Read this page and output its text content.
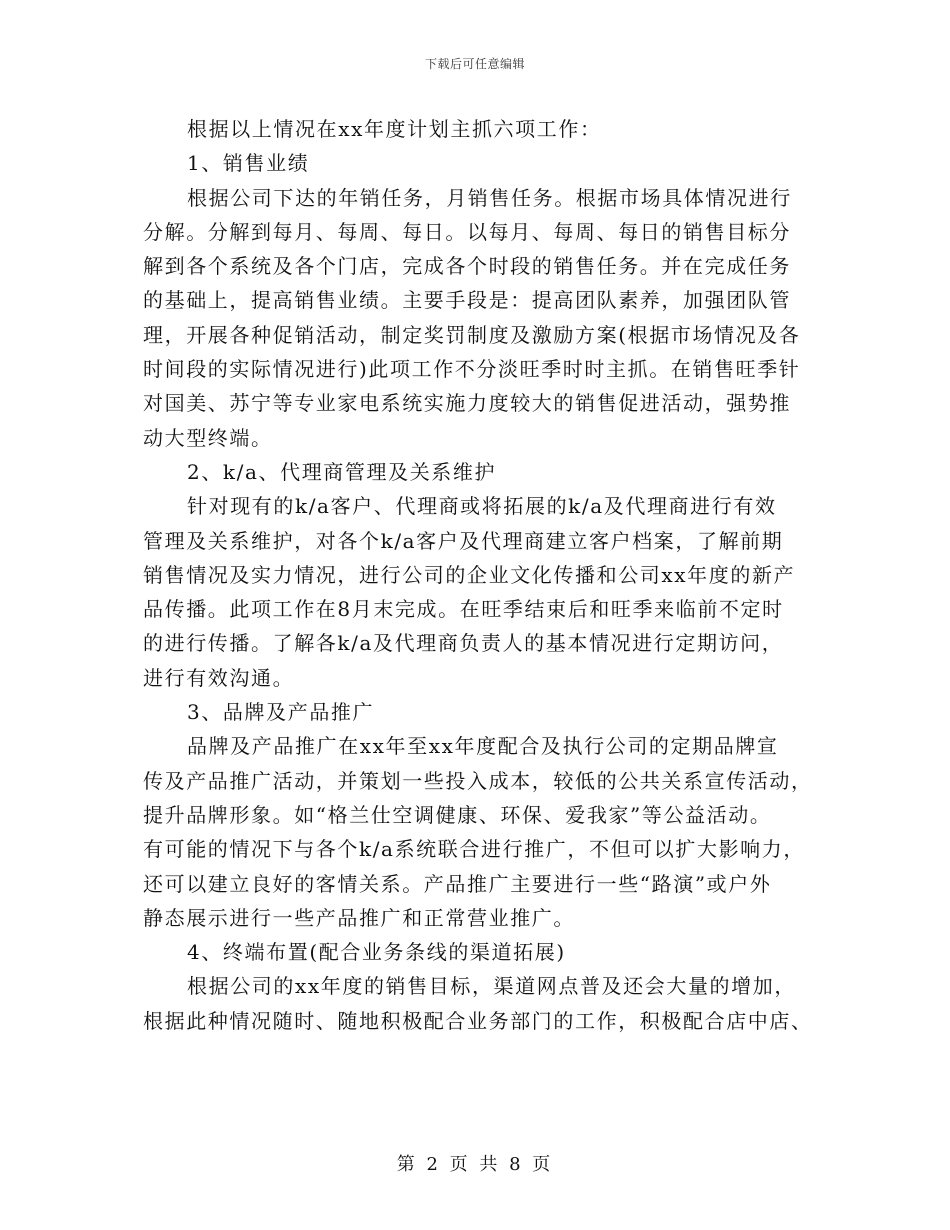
下载后可任意编辑
根据以上情况在xx年度计划主抓六项工作：
1、销售业绩
根据公司下达的年销任务，月销售任务。根据市场具体情况进行
分解。分解到每月、每周、每日。以每月、每周、每日的销售目标分
解到各个系统及各个门店，完成各个时段的销售任务。并在完成任务
的基础上，提高销售业绩。主要手段是：提高团队素养，加强团队管
理，开展各种促销活动，制定奖罚制度及激励方案(根据市场情况及各
时间段的实际情况进行)此项工作不分淡旺季时时主抓。在销售旺季针
对国美、苏宁等专业家电系统实施力度较大的销售促进活动，强势推
动大型终端。
2、k/a、代理商管理及关系维护
针对现有的k/a客户、代理商或将拓展的k/a及代理商进行有效
管理及关系维护，对各个k/a客户及代理商建立客户档案，了解前期
销售情况及实力情况，进行公司的企业文化传播和公司xx年度的新产
品传播。此项工作在8月末完成。在旺季结束后和旺季来临前不定时
的进行传播。了解各k/a及代理商负责人的基本情况进行定期访问，
进行有效沟通。
3、品牌及产品推广
品牌及产品推广在xx年至xx年度配合及执行公司的定期品牌宣
传及产品推广活动，并策划一些投入成本，较低的公共关系宣传活动，
提升品牌形象。如“格兰仕空调健康、环保、爱我家”等公益活动。
有可能的情况下与各个k/a系统联合进行推广，不但可以扩大影响力，
还可以建立良好的客情关系。产品推广主要进行一些“路演”或户外
静态展示进行一些产品推广和正常营业推广。
4、终端布置(配合业务条线的渠道拓展)
根据公司的xx年度的销售目标，渠道网点普及还会大量的增加，
根据此种情况随时、随地积极配合业务部门的工作，积极配合店中店、
第 2 页 共 8 页
